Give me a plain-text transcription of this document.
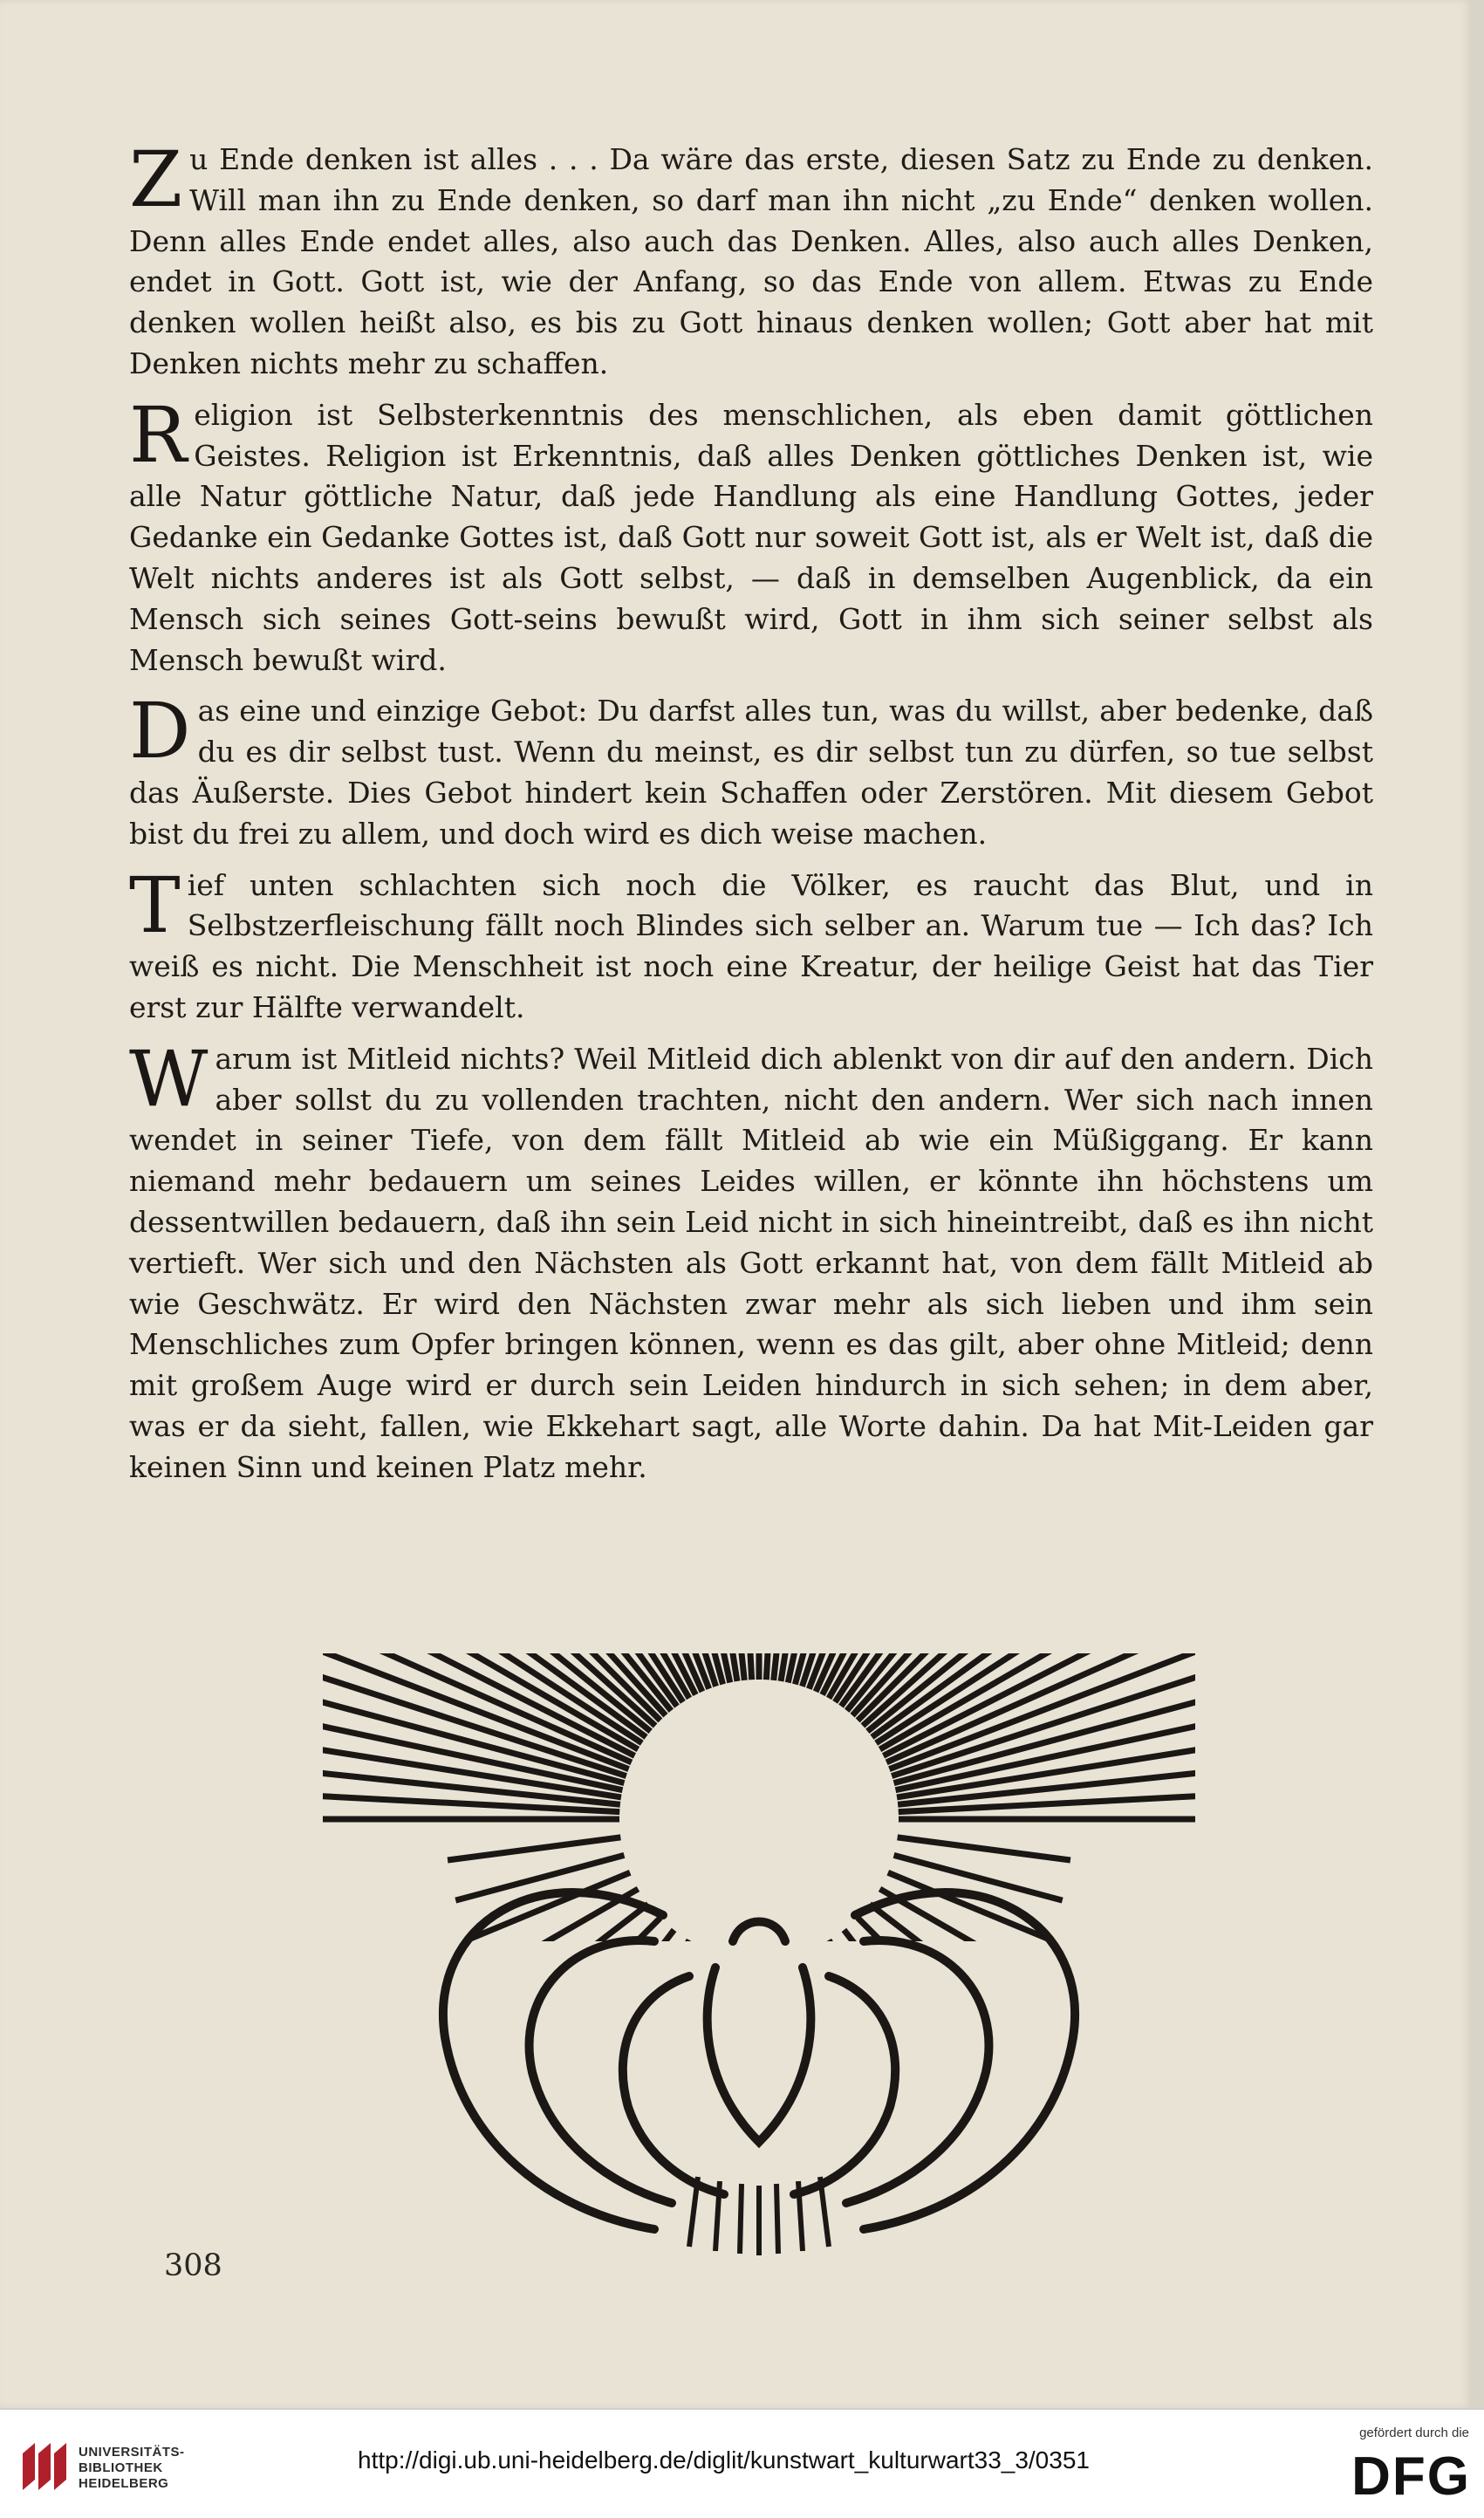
Zu Ende denken ist alles . . . Da wäre das erste, diesen Satz zu Ende zu denken. Will man ihn zu Ende denken, so darf man ihn nicht „zu Ende“ denken wollen. Denn alles Ende endet alles, also auch das Denken. Alles, also auch alles Denken, endet in Gott. Gott ist, wie der Anfang, so das Ende von allem. Etwas zu Ende denken wollen heißt also, es bis zu Gott hinaus denken wollen; Gott aber hat mit Denken nichts mehr zu schaffen.

Religion ist Selbsterkenntnis des menschlichen, als eben damit göttlichen Geistes. Religion ist Erkenntnis, daß alles Denken göttliches Denken ist, wie alle Natur göttliche Natur, daß jede Handlung als eine Handlung Gottes, jeder Gedanke ein Gedanke Gottes ist, daß Gott nur soweit Gott ist, als er Welt ist, daß die Welt nichts anderes ist als Gott selbst, — daß in demselben Augenblick, da ein Mensch sich seines Gott-seins bewußt wird, Gott in ihm sich seiner selbst als Mensch bewußt wird.

Das eine und einzige Gebot: Du darfst alles tun, was du willst, aber bedenke, daß du es dir selbst tust. Wenn du meinst, es dir selbst tun zu dürfen, so tue selbst das Äußerste. Dies Gebot hindert kein Schaffen oder Zerstören. Mit diesem Gebot bist du frei zu allem, und doch wird es dich weise machen.

Tief unten schlachten sich noch die Völker, es raucht das Blut, und in Selbstzerfleischung fällt noch Blindes sich selber an. Warum tue — Ich das? Ich weiß es nicht. Die Menschheit ist noch eine Kreatur, der heilige Geist hat das Tier erst zur Hälfte verwandelt.

Warum ist Mitleid nichts? Weil Mitleid dich ablenkt von dir auf den andern. Dich aber sollst du zu vollenden trachten, nicht den andern. Wer sich nach innen wendet in seiner Tiefe, von dem fällt Mitleid ab wie ein Müßiggang. Er kann niemand mehr bedauern um seines Leides willen, er könnte ihn höchstens um dessentwillen bedauern, daß ihn sein Leid nicht in sich hineintreibt, daß es ihn nicht vertieft. Wer sich und den Nächsten als Gott erkannt hat, von dem fällt Mitleid ab wie Geschwätz. Er wird den Nächsten zwar mehr als sich lieben und ihm sein Menschliches zum Opfer bringen können, wenn es das gilt, aber ohne Mitleid; denn mit großem Auge wird er durch sein Leiden hindurch in sich sehen; in dem aber, was er da sieht, fallen, wie Ekkehart sagt, alle Worte dahin. Da hat Mit-Leiden gar keinen Sinn und keinen Platz mehr.

308
UNIVERSITÄTS-
BIBLIOTHEK
HEIDELBERG
http://digi.ub.uni-heidelberg.de/diglit/kunstwart_kulturwart33_3/0351
gefördert durch die
DFG
